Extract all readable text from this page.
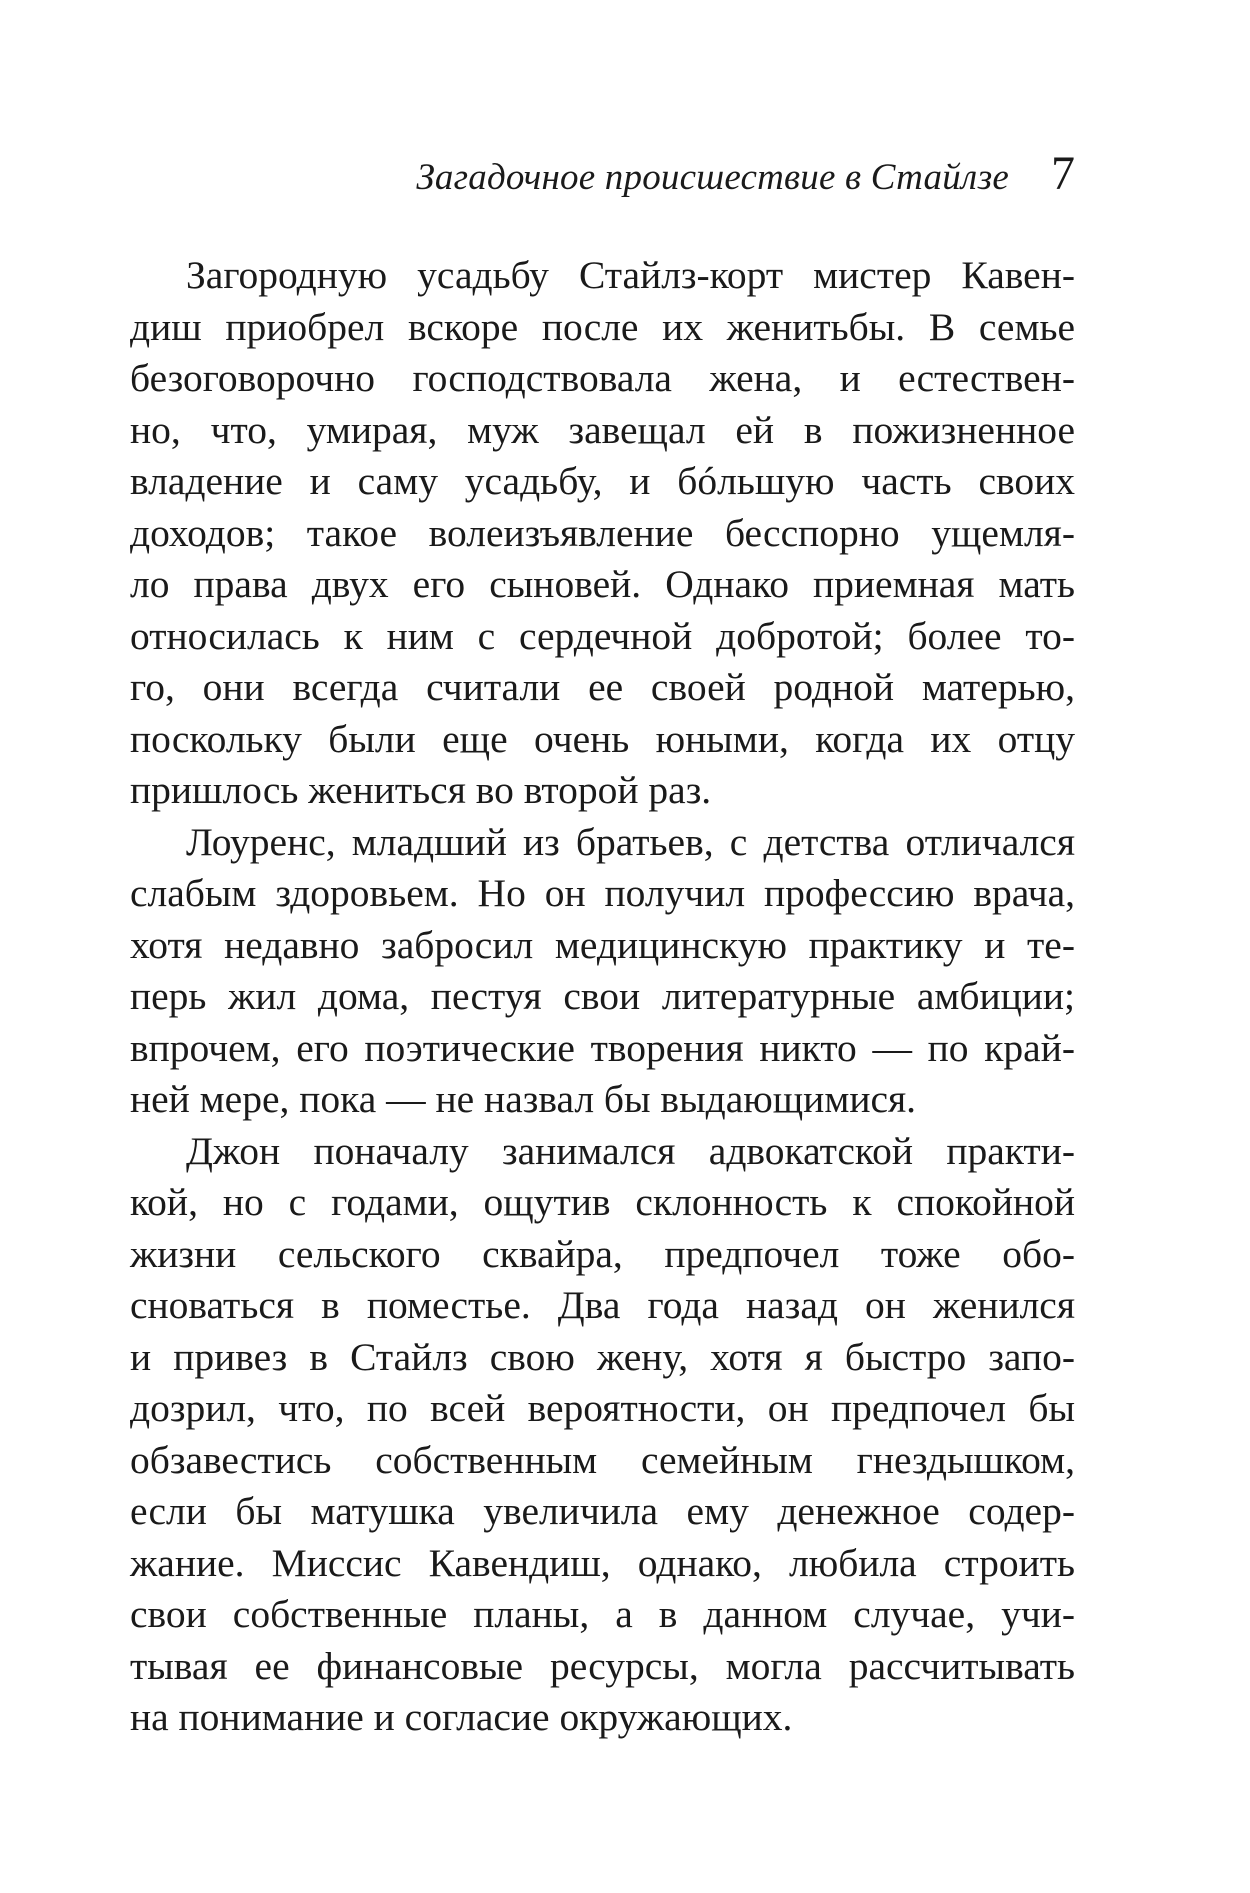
Загадочное происшествие в Стайлзе 7
Загородную усадьбу Стайлз-корт мистер Кавен-
диш приобрел вскоре после их женитьбы. В семье
безоговорочно господствовала жена, и естествен-
но, что, умирая, муж завещал ей в пожизненное
владение и саму усадьбу, и бóльшую часть своих
доходов; такое волеизъявление бесспорно ущемля-
ло права двух его сыновей. Однако приемная мать
относилась к ним с сердечной добротой; более то-
го, они всегда считали ее своей родной матерью,
поскольку были еще очень юными, когда их отцу
пришлось жениться во второй раз.
Лоуренс, младший из братьев, с детства отличался
слабым здоровьем. Но он получил профессию врача,
хотя недавно забросил медицинскую практику и те-
перь жил дома, пестуя свои литературные амбиции;
впрочем, его поэтические творения никто — по край-
ней мере, пока — не назвал бы выдающимися.
Джон поначалу занимался адвокатской практи-
кой, но с годами, ощутив склонность к спокойной
жизни сельского сквайра, предпочел тоже обо-
сноваться в поместье. Два года назад он женился
и привез в Стайлз свою жену, хотя я быстро запо-
дозрил, что, по всей вероятности, он предпочел бы
обзавестись собственным семейным гнездышком,
если бы матушка увеличила ему денежное содер-
жание. Миссис Кавендиш, однако, любила строить
свои собственные планы, а в данном случае, учи-
тывая ее финансовые ресурсы, могла рассчитывать
на понимание и согласие окружающих.
